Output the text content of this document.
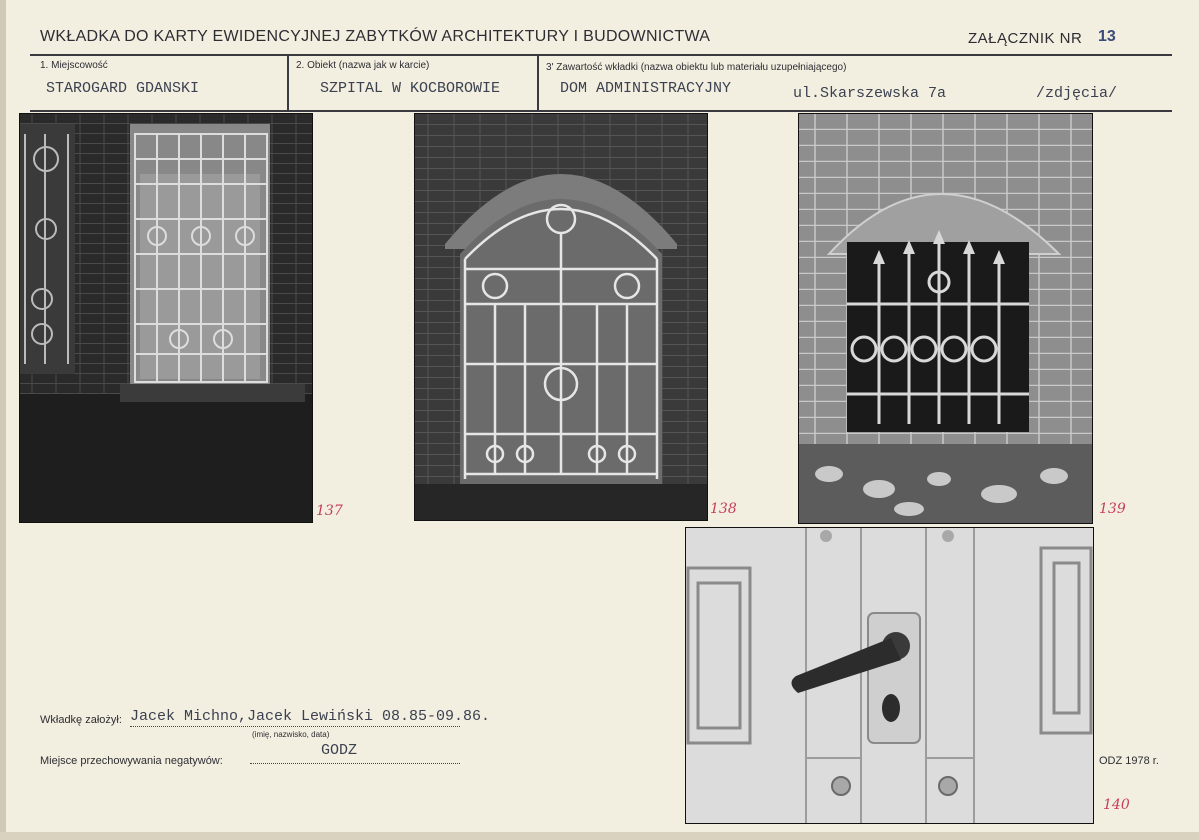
WKŁADKA DO KARTY EWIDENCYJNEJ ZABYTKÓW ARCHITEKTURY I BUDOWNICTWA	ZAŁĄCZNIK NR 13
1. Miejscowość
STAROGARD GDANSKI
2. Obiekt (nazwa jak w karcie)
SZPITAL W KOCBOROWIE
3' Zawartość wkładki (nazwa obiektu lub materiału uzupełniającego)
DOM ADMINISTRACYJNY	ul.Skarszewska 7a	/zdjęcia/
137	138	139
140
Wkładkę założył: Jacek Michno,Jacek Lewiński 08.85-09.86.
(imię, nazwisko, data)
Miejsce przechowywania negatywów:
GODZ
ODZ 1978 r.
